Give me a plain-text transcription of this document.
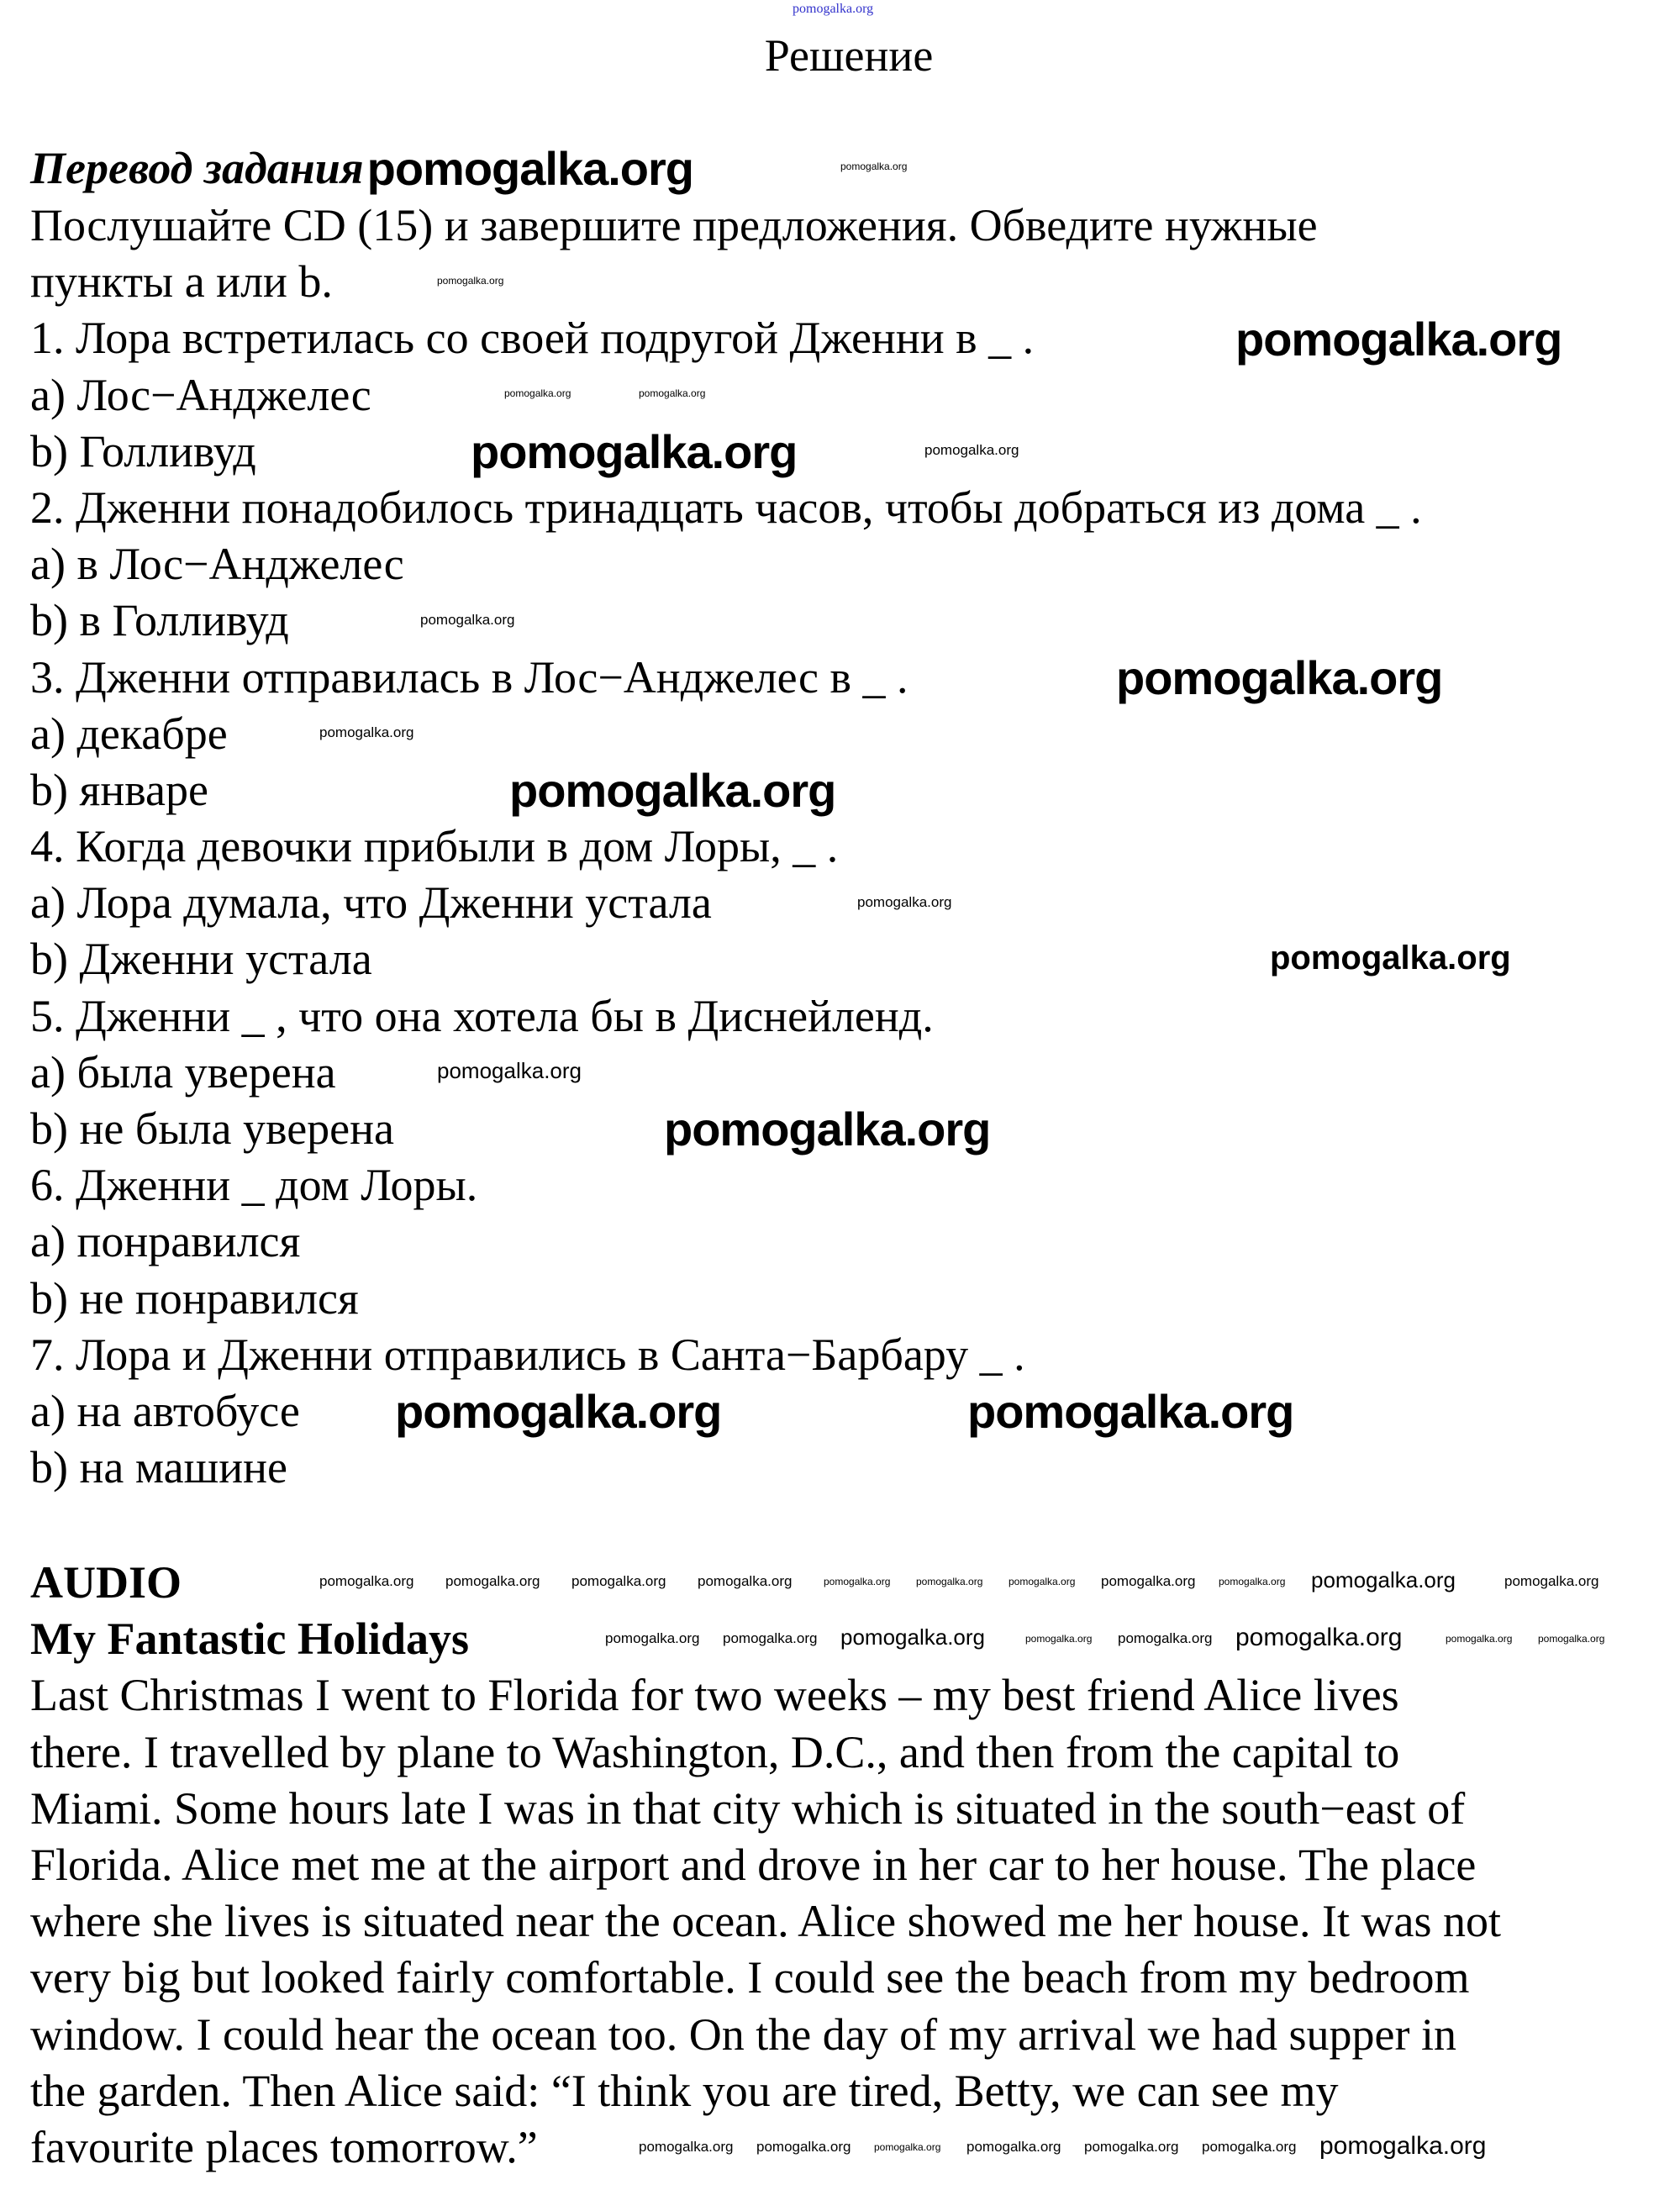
pomogalka.org
Решение
Перевод задания pomogalka.org
Послушайте CD (15) и завершите предложения. Обведите нужные
пункты a или b.
1. Лора встретилась со своей подругой Дженни в _ .
a) Лос−Анджелес
b) Голливуд
2. Дженни понадобилось тринадцать часов, чтобы добраться из дома _ .
a) в Лос−Анджелес
b) в Голливуд
3. Дженни отправилась в Лос−Анджелес в _ .
a) декабре
b) январе
4. Когда девочки прибыли в дом Лоры, _ .
a) Лора думала, что Дженни устала
b) Дженни устала
5. Дженни _ , что она хотела бы в Диснейленд.
a) была уверена
b) не была уверена
6. Дженни _ дом Лоры.
a) понравился
b) не понравился
7. Лора и Дженни отправились в Санта−Барбару _ .
a) на автобусе
b) на машине
AUDIO
My Fantastic Holidays
Last Christmas I went to Florida for two weeks – my best friend Alice lives
there. I travelled by plane to Washington, D.C., and then from the capital to
Miami. Some hours late I was in that city which is situated in the south−east of
Florida. Alice met me at the airport and drove in her car to her house. The place
where she lives is situated near the ocean. Alice showed me her house. It was not
very big but looked fairly comfortable. I could see the beach from my bedroom
window. I could hear the ocean too. On the day of my arrival we had supper in
the garden. Then Alice said: “I think you are tired, Betty, we can see my
favourite places tomorrow.”
pomogalka.org
pomogalka.org
pomogalka.org
pomogalka.org
pomogalka.org
pomogalka.org
pomogalka.org	pomogalka.org
pomogalka.org
pomogalka.org
pomogalka.org	pomogalka.org
pomogalka.org
pomogalka.org
pomogalka.org
pomogalka.org
pomogalka.org
pomogalka.org pomogalka.org pomogalka.org pomogalka.org	pomogalka.org	pomogalka.org	pomogalka.org pomogalka.org pomogalka.org pomogalka.org	pomogalka.org
pomogalka.org pomogalka.org pomogalka.org	pomogalka.org pomogalka.org pomogalka.org	pomogalka.org	pomogalka.org
pomogalka.org pomogalka.org pomogalka.org pomogalka.org pomogalka.org pomogalka.org pomogalka.org
